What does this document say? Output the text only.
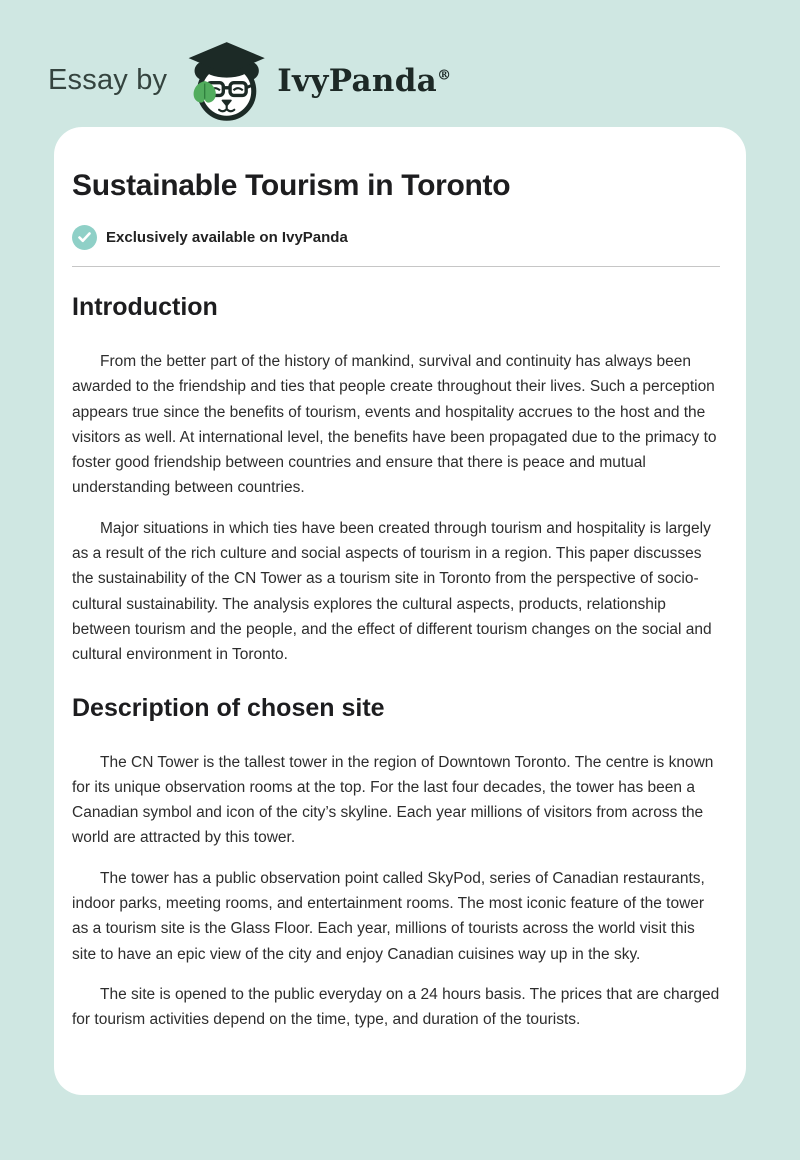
Essay by	IvyPanda®
Sustainable Tourism in Toronto
Exclusively available on IvyPanda
Introduction

From the better part of the history of mankind, survival and continuity has always been awarded to the friendship and ties that people create throughout their lives. Such a perception appears true since the benefits of tourism, events and hospitality accrues to the host and the visitors as well. At international level, the benefits have been propagated due to the primacy to foster good friendship between countries and ensure that there is peace and mutual understanding between countries.

Major situations in which ties have been created through tourism and hospitality is largely as a result of the rich culture and social aspects of tourism in a region. This paper discusses the sustainability of the CN Tower as a tourism site in Toronto from the perspective of socio-cultural sustainability. The analysis explores the cultural aspects, products, relationship between tourism and the people, and the effect of different tourism changes on the social and cultural environment in Toronto.

Description of chosen site

The CN Tower is the tallest tower in the region of Downtown Toronto. The centre is known for its unique observation rooms at the top. For the last four decades, the tower has been a Canadian symbol and icon of the city’s skyline. Each year millions of visitors from across the world are attracted by this tower.

The tower has a public observation point called SkyPod, series of Canadian restaurants, indoor parks, meeting rooms, and entertainment rooms. The most iconic feature of the tower as a tourism site is the Glass Floor. Each year, millions of tourists across the world visit this site to have an epic view of the city and enjoy Canadian cuisines way up in the sky.

The site is opened to the public everyday on a 24 hours basis. The prices that are charged for tourism activities depend on the time, type, and duration of the tourists.
